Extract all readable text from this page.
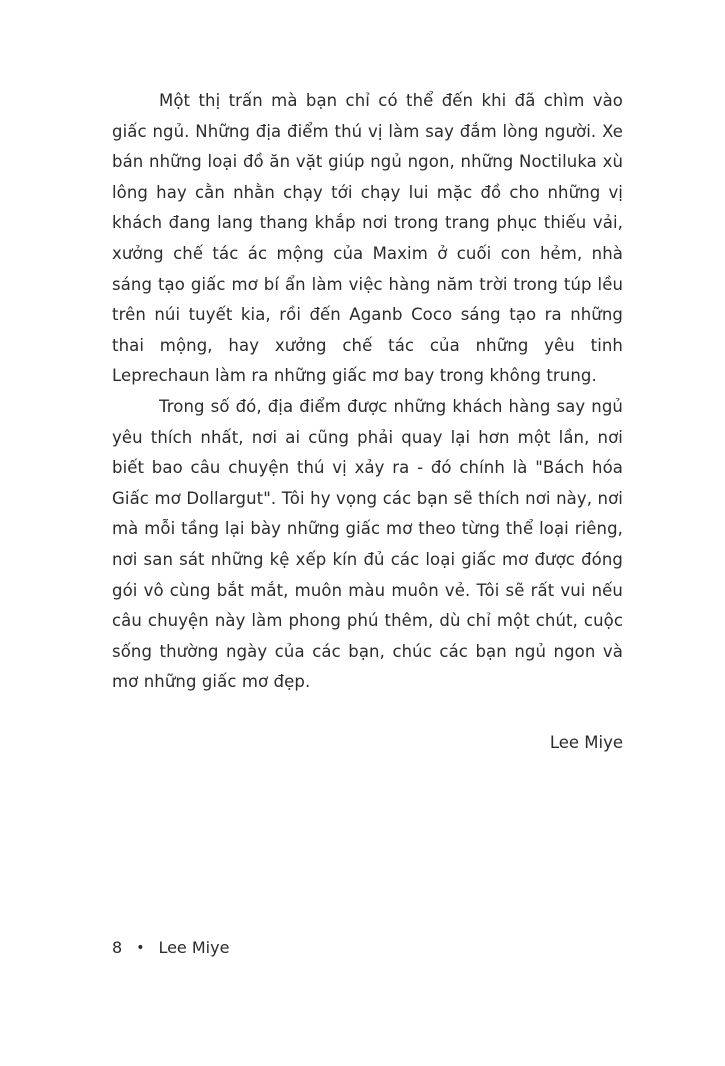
Một thị trấn mà bạn chỉ có thể đến khi đã chìm vào giấc ngủ. Những địa điểm thú vị làm say đắm lòng người. Xe bán những loại đồ ăn vặt giúp ngủ ngon, những Noctiluka xù lông hay cằn nhằn chạy tới chạy lui mặc đồ cho những vị khách đang lang thang khắp nơi trong trang phục thiếu vải, xưởng chế tác ác mộng của Maxim ở cuối con hẻm, nhà sáng tạo giấc mơ bí ẩn làm việc hàng năm trời trong túp lều trên núi tuyết kia, rồi đến Aganb Coco sáng tạo ra những thai mộng, hay xưởng chế tác của những yêu tinh Leprechaun làm ra những giấc mơ bay trong không trung.

Trong số đó, địa điểm được những khách hàng say ngủ yêu thích nhất, nơi ai cũng phải quay lại hơn một lần, nơi biết bao câu chuyện thú vị xảy ra - đó chính là "Bách hóa Giấc mơ Dollargut". Tôi hy vọng các bạn sẽ thích nơi này, nơi mà mỗi tầng lại bày những giấc mơ theo từng thể loại riêng, nơi san sát những kệ xếp kín đủ các loại giấc mơ được đóng gói vô cùng bắt mắt, muôn màu muôn vẻ. Tôi sẽ rất vui nếu câu chuyện này làm phong phú thêm, dù chỉ một chút, cuộc sống thường ngày của các bạn, chúc các bạn ngủ ngon và mơ những giấc mơ đẹp.

Lee Miye
8 • Lee Miye
